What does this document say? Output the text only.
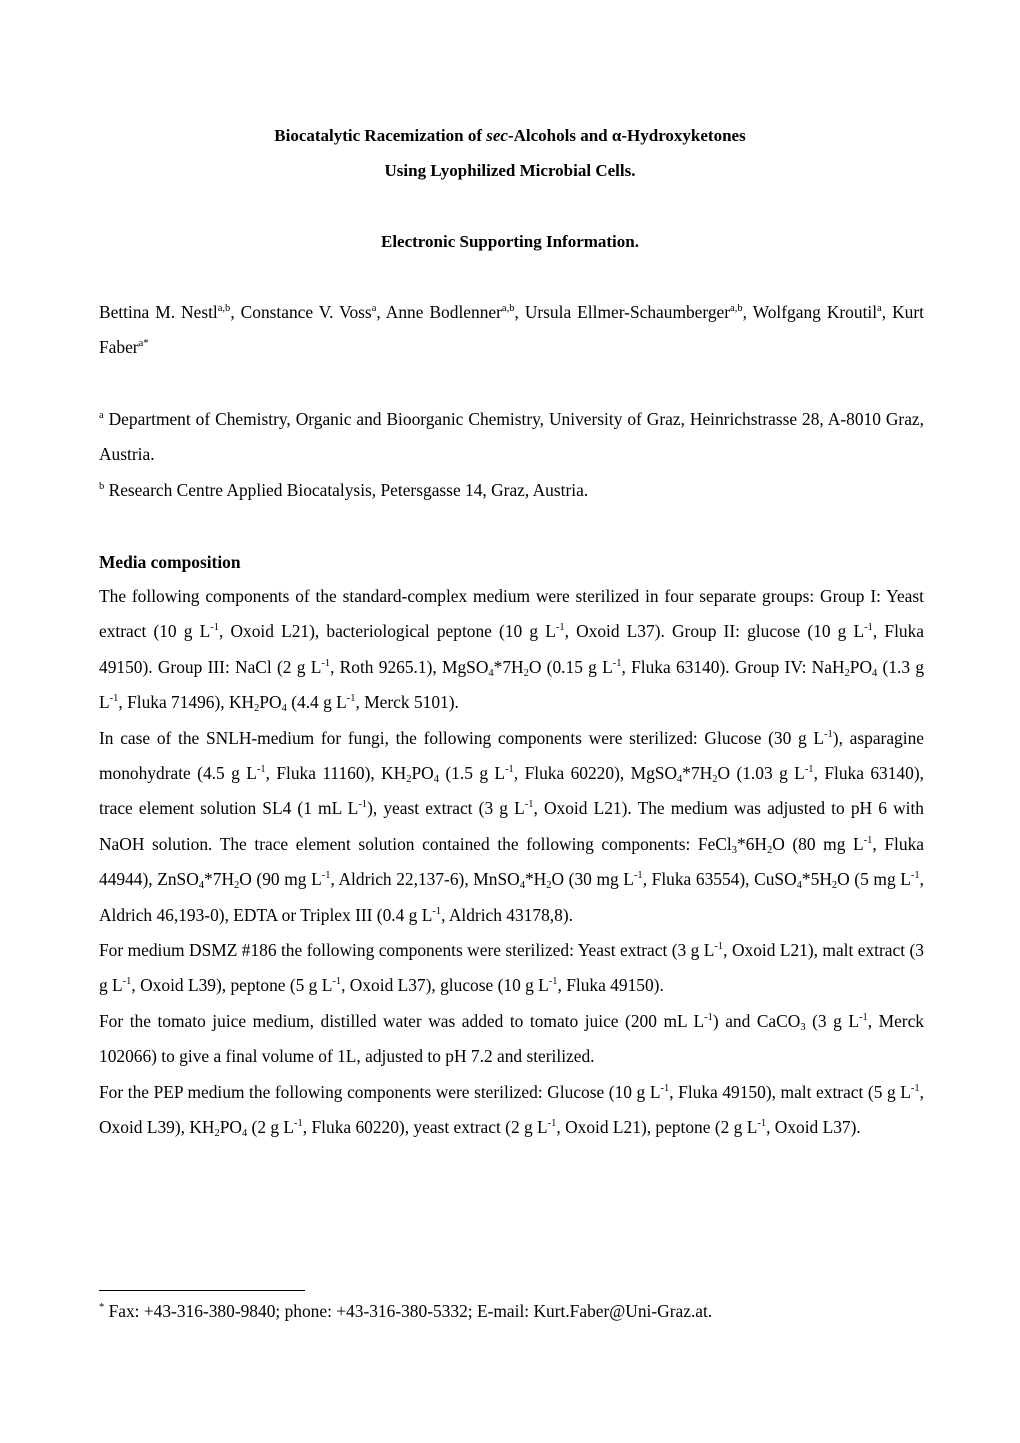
Biocatalytic Racemization of sec-Alcohols and α-Hydroxyketones
Using Lyophilized Microbial Cells.
Electronic Supporting Information.
Bettina M. Nestl$^{a,b}$, Constance V. Voss$^a$, Anne Bodlenner$^{a,b}$, Ursula Ellmer-Schaumberger$^{a,b}$, Wolfgang Kroutil$^a$, Kurt Faber$^{a*}$
$^a$ Department of Chemistry, Organic and Bioorganic Chemistry, University of Graz, Heinrichstrasse 28, A-8010 Graz, Austria.
$^b$ Research Centre Applied Biocatalysis, Petersgasse 14, Graz, Austria.
Media composition
The following components of the standard-complex medium were sterilized in four separate groups: Group I: Yeast extract (10 g $L^{-1}$, Oxoid L21), bacteriological peptone (10 g $L^{-1}$, Oxoid L37). Group II: glucose (10 g $L^{-1}$, Fluka 49150). Group III: NaCl (2 g $L^{-1}$, Roth 9265.1), $MgSO_4*7H_2O$ (0.15 g $L^{-1}$, Fluka 63140). Group IV: $NaH_2PO_4$ (1.3 g $L^{-1}$, Fluka 71496), $KH_2PO_4$ (4.4 g $L^{-1}$, Merck 5101).
In case of the SNLH-medium for fungi, the following components were sterilized: Glucose (30 g $L^{-1}$), asparagine monohydrate (4.5 g $L^{-1}$, Fluka 11160), $KH_2PO_4$ (1.5 g $L^{-1}$, Fluka 60220), $MgSO_4*7H_2O$ (1.03 g $L^{-1}$, Fluka 63140), trace element solution SL4 (1 mL $L^{-1}$), yeast extract (3 g $L^{-1}$, Oxoid L21). The medium was adjusted to pH 6 with NaOH solution. The trace element solution contained the following components: $FeCl_3*6H_2O$ (80 mg $L^{-1}$, Fluka 44944), $ZnSO_4*7H_2O$ (90 mg $L^{-1}$, Aldrich 22,137-6), $MnSO_4*H_2O$ (30 mg $L^{-1}$, Fluka 63554), $CuSO_4*5H_2O$ (5 mg $L^{-1}$, Aldrich 46,193-0), EDTA or Triplex III (0.4 g $L^{-1}$, Aldrich 43178,8).
For medium DSMZ #186 the following components were sterilized: Yeast extract (3 g $L^{-1}$, Oxoid L21), malt extract (3 g $L^{-1}$, Oxoid L39), peptone (5 g $L^{-1}$, Oxoid L37), glucose (10 g $L^{-1}$, Fluka 49150).
For the tomato juice medium, distilled water was added to tomato juice (200 mL $L^{-1}$) and CaCO$_3$ (3 g $L^{-1}$, Merck 102066) to give a final volume of 1L, adjusted to pH 7.2 and sterilized.
For the PEP medium the following components were sterilized: Glucose (10 g $L^{-1}$, Fluka 49150), malt extract (5 g $L^{-1}$, Oxoid L39), $KH_2PO_4$ (2 g $L^{-1}$, Fluka 60220), yeast extract (2 g $L^{-1}$, Oxoid L21), peptone (2 g $L^{-1}$, Oxoid L37).
* Fax: +43-316-380-9840; phone: +43-316-380-5332; E-mail: Kurt.Faber@Uni-Graz.at.
